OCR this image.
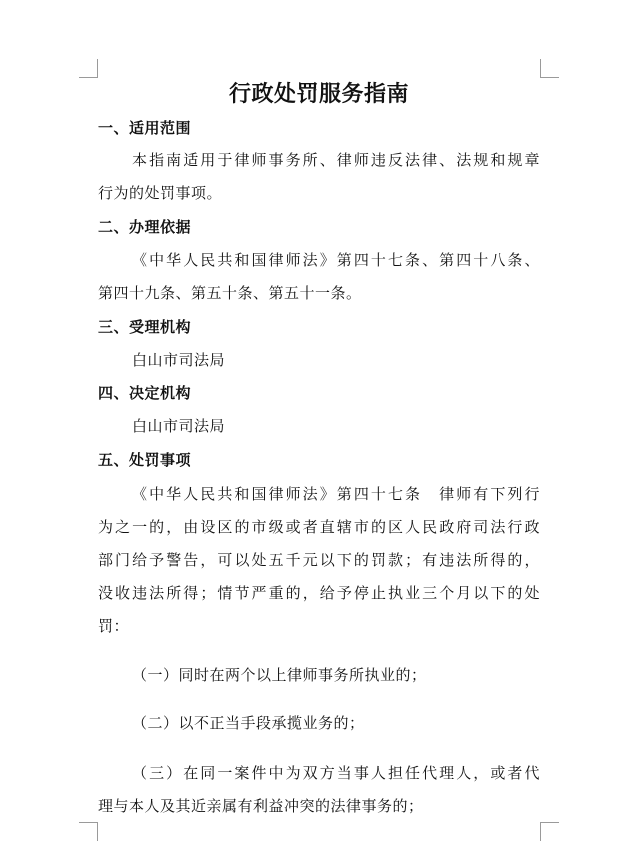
行政处罚服务指南
一、适用范围
本指南适用于律师事务所、律师违反法律、法规和规章
行为的处罚事项。
二、办理依据
《中华人民共和国律师法》第四十七条、第四十八条、
第四十九条、第五十条、第五十一条。
三、受理机构
白山市司法局
四、决定机构
白山市司法局
五、处罚事项
《中华人民共和国律师法》第四十七条　律师有下列行
为之一的，由设区的市级或者直辖市的区人民政府司法行政
部门给予警告，可以处五千元以下的罚款；有违法所得的，
没收违法所得；情节严重的，给予停止执业三个月以下的处
罚：
（一）同时在两个以上律师事务所执业的；
（二）以不正当手段承揽业务的；
（三）在同一案件中为双方当事人担任代理人，或者代
理与本人及其近亲属有利益冲突的法律事务的；
